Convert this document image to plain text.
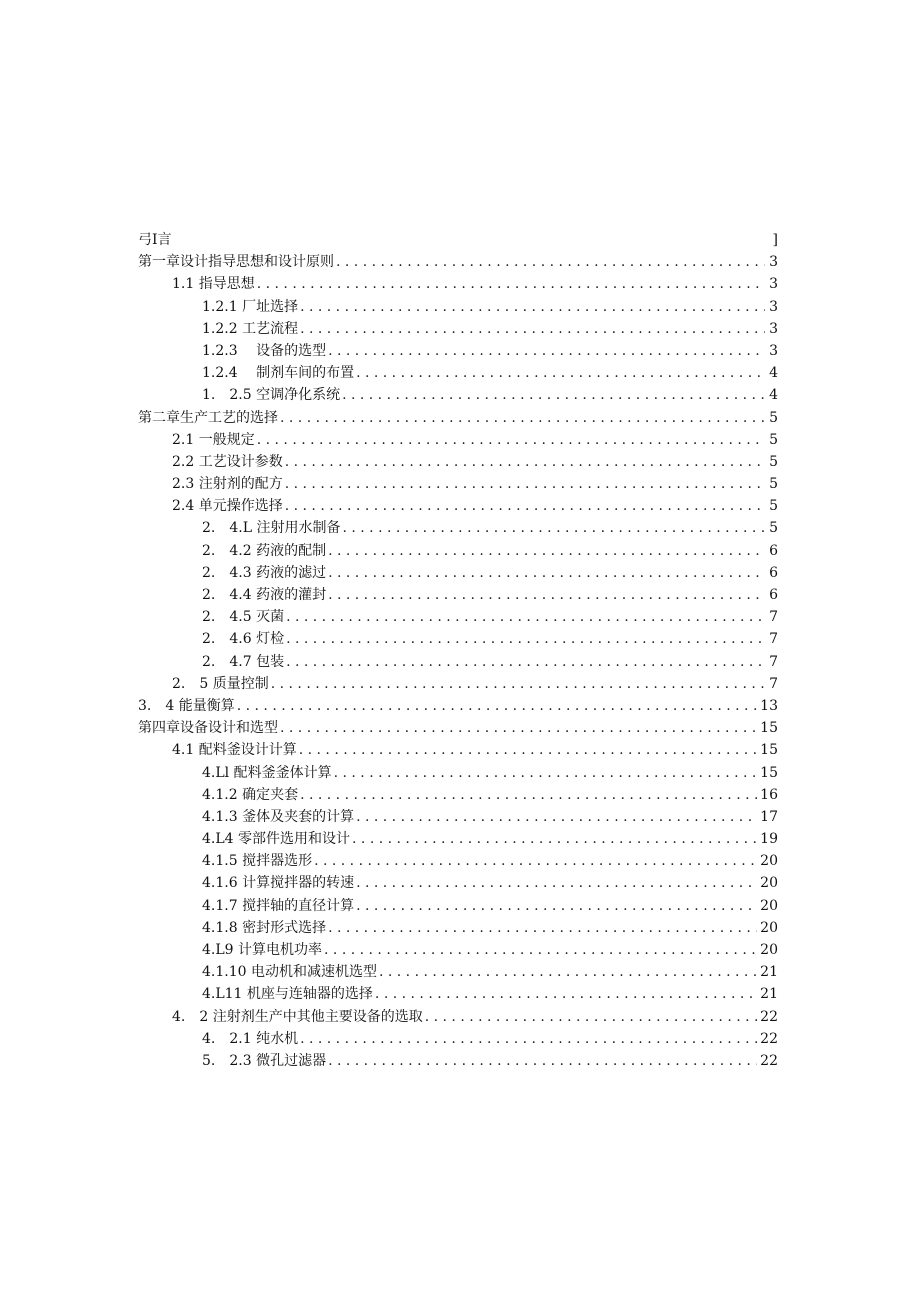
弓I言	]
第一章设计指导思想和设计原则 . . .	3
1.1 指导思想 . . .	3
1.2.1 厂址选择 . . .	3
1.2.2 工艺流程 . . .	3
1.2.3　 设备的选型 . . .	3
1.2.4　 制剂车间的布置 . . .	4
1.　2.5 空调净化系统 . . .	4
第二章生产工艺的选择 . . .	5
2.1 一般规定 . . .	5
2.2 工艺设计参数 . . .	5
2.3 注射剂的配方 . . .	5
2.4 单元操作选择 . . .	5
2.　4.L 注射用水制备 . . .	5
2.　4.2 药液的配制 . . .	6
2.　4.3 药液的滤过 . . .	6
2.　4.4 药液的灌封 . . .	6
2.　4.5 灭菌 . . .	7
2.　4.6 灯检 . . .	7
2.　4.7 包装 . . .	7
2.　5 质量控制 . . .	7
3.　4 能量衡算 . . .	13
第四章设备设计和选型 . . .	15
4.1 配料釜设计计算 . . .	15
4.Ll 配料釜釜体计算 . . .	15
4.1.2 确定夹套 . . .	16
4.1.3 釜体及夹套的计算 . . .	17
4.L4 零部件选用和设计 . . .	19
4.1.5 搅拌器选形 . . .	20
4.1.6 计算搅拌器的转速 . . .	20
4.1.7 搅拌轴的直径计算 . . .	20
4.1.8 密封形式选择 . . .	20
4.L9 计算电机功率 . . .	20
4.1.10 电动机和减速机选型 . . .	21
4.L11 机座与连轴器的选择 . . .	21
4.　2 注射剂生产中其他主要设备的选取 . . .	22
4.　2.1 纯水机 . . .	22
5.　2.3 微孔过滤器 . . .	22
